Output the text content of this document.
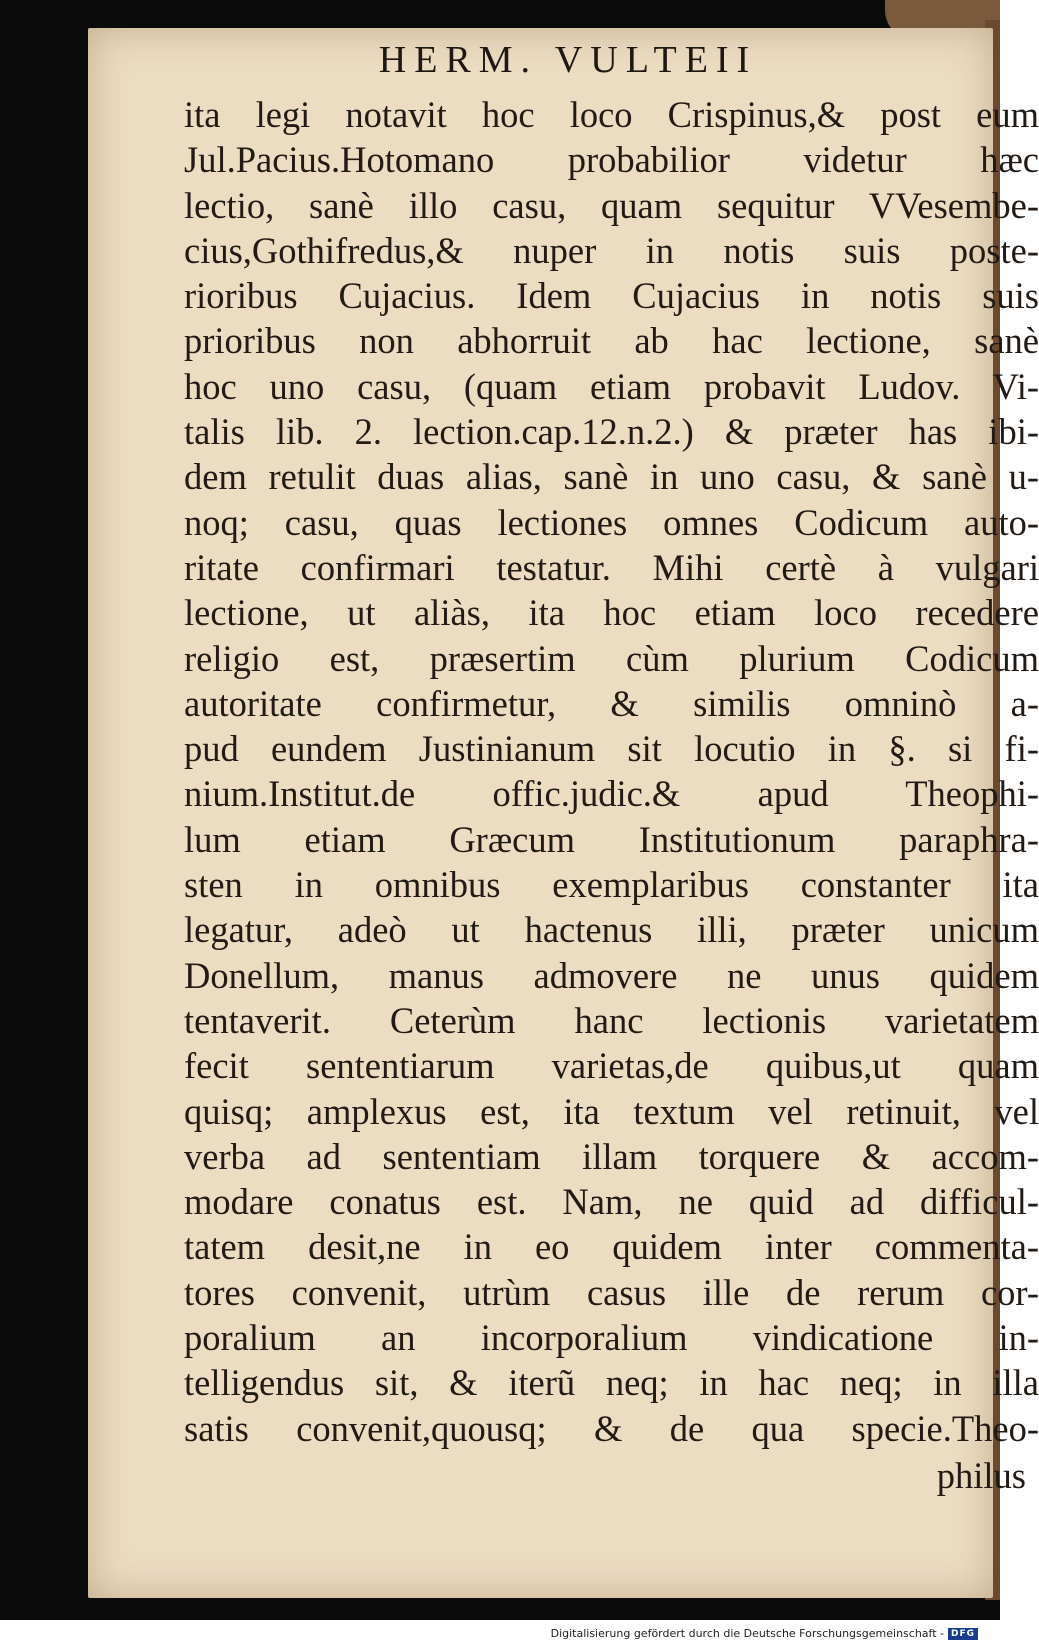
HERM. VULTEII
ita legi notavit hoc loco Crispinus,& post eum
Jul.Pacius.Hotomano probabilior videtur hæc
lectio, sanè illo casu, quam sequitur VVesembe-
cius,Gothifredus,& nuper in notis suis poste-
rioribus Cujacius. Idem Cujacius in notis suis
prioribus non abhorruit ab hac lectione, sanè
hoc uno casu, (quam etiam probavit Ludov. Vi-
talis lib. 2. lection.cap.12.n.2.) & præter has ibi-
dem retulit duas alias, sanè in uno casu, & sanè u-
noq; casu, quas lectiones omnes Codicum auto-
ritate confirmari testatur. Mihi certè à vulgari
lectione, ut aliàs, ita hoc etiam loco recedere
religio est, præsertim cùm plurium Codicum
autoritate confirmetur, & similis omninò a-
pud eundem Justinianum sit locutio in §. si fi-
nium.Institut.de offic.judic.& apud Theophi-
lum etiam Græcum Institutionum paraphra-
sten in omnibus exemplaribus constanter ita
legatur, adeò ut hactenus illi, præter unicum
Donellum, manus admovere ne unus quidem
tentaverit. Ceterùm hanc lectionis varietatem
fecit sententiarum varietas,de quibus,ut quam
quisq; amplexus est, ita textum vel retinuit, vel
verba ad sententiam illam torquere & accom-
modare conatus est. Nam, ne quid ad difficul-
tatem desit,ne in eo quidem inter commenta-
tores convenit, utrùm casus ille de rerum cor-
poralium an incorporalium vindicatione in-
telligendus sit, & iterũ neq; in hac neq; in illa
satis convenit,quousq; & de qua specie.Theo-
philus
Digitalisierung gefördert durch die Deutsche Forschungsgemeinschaft - DFG
